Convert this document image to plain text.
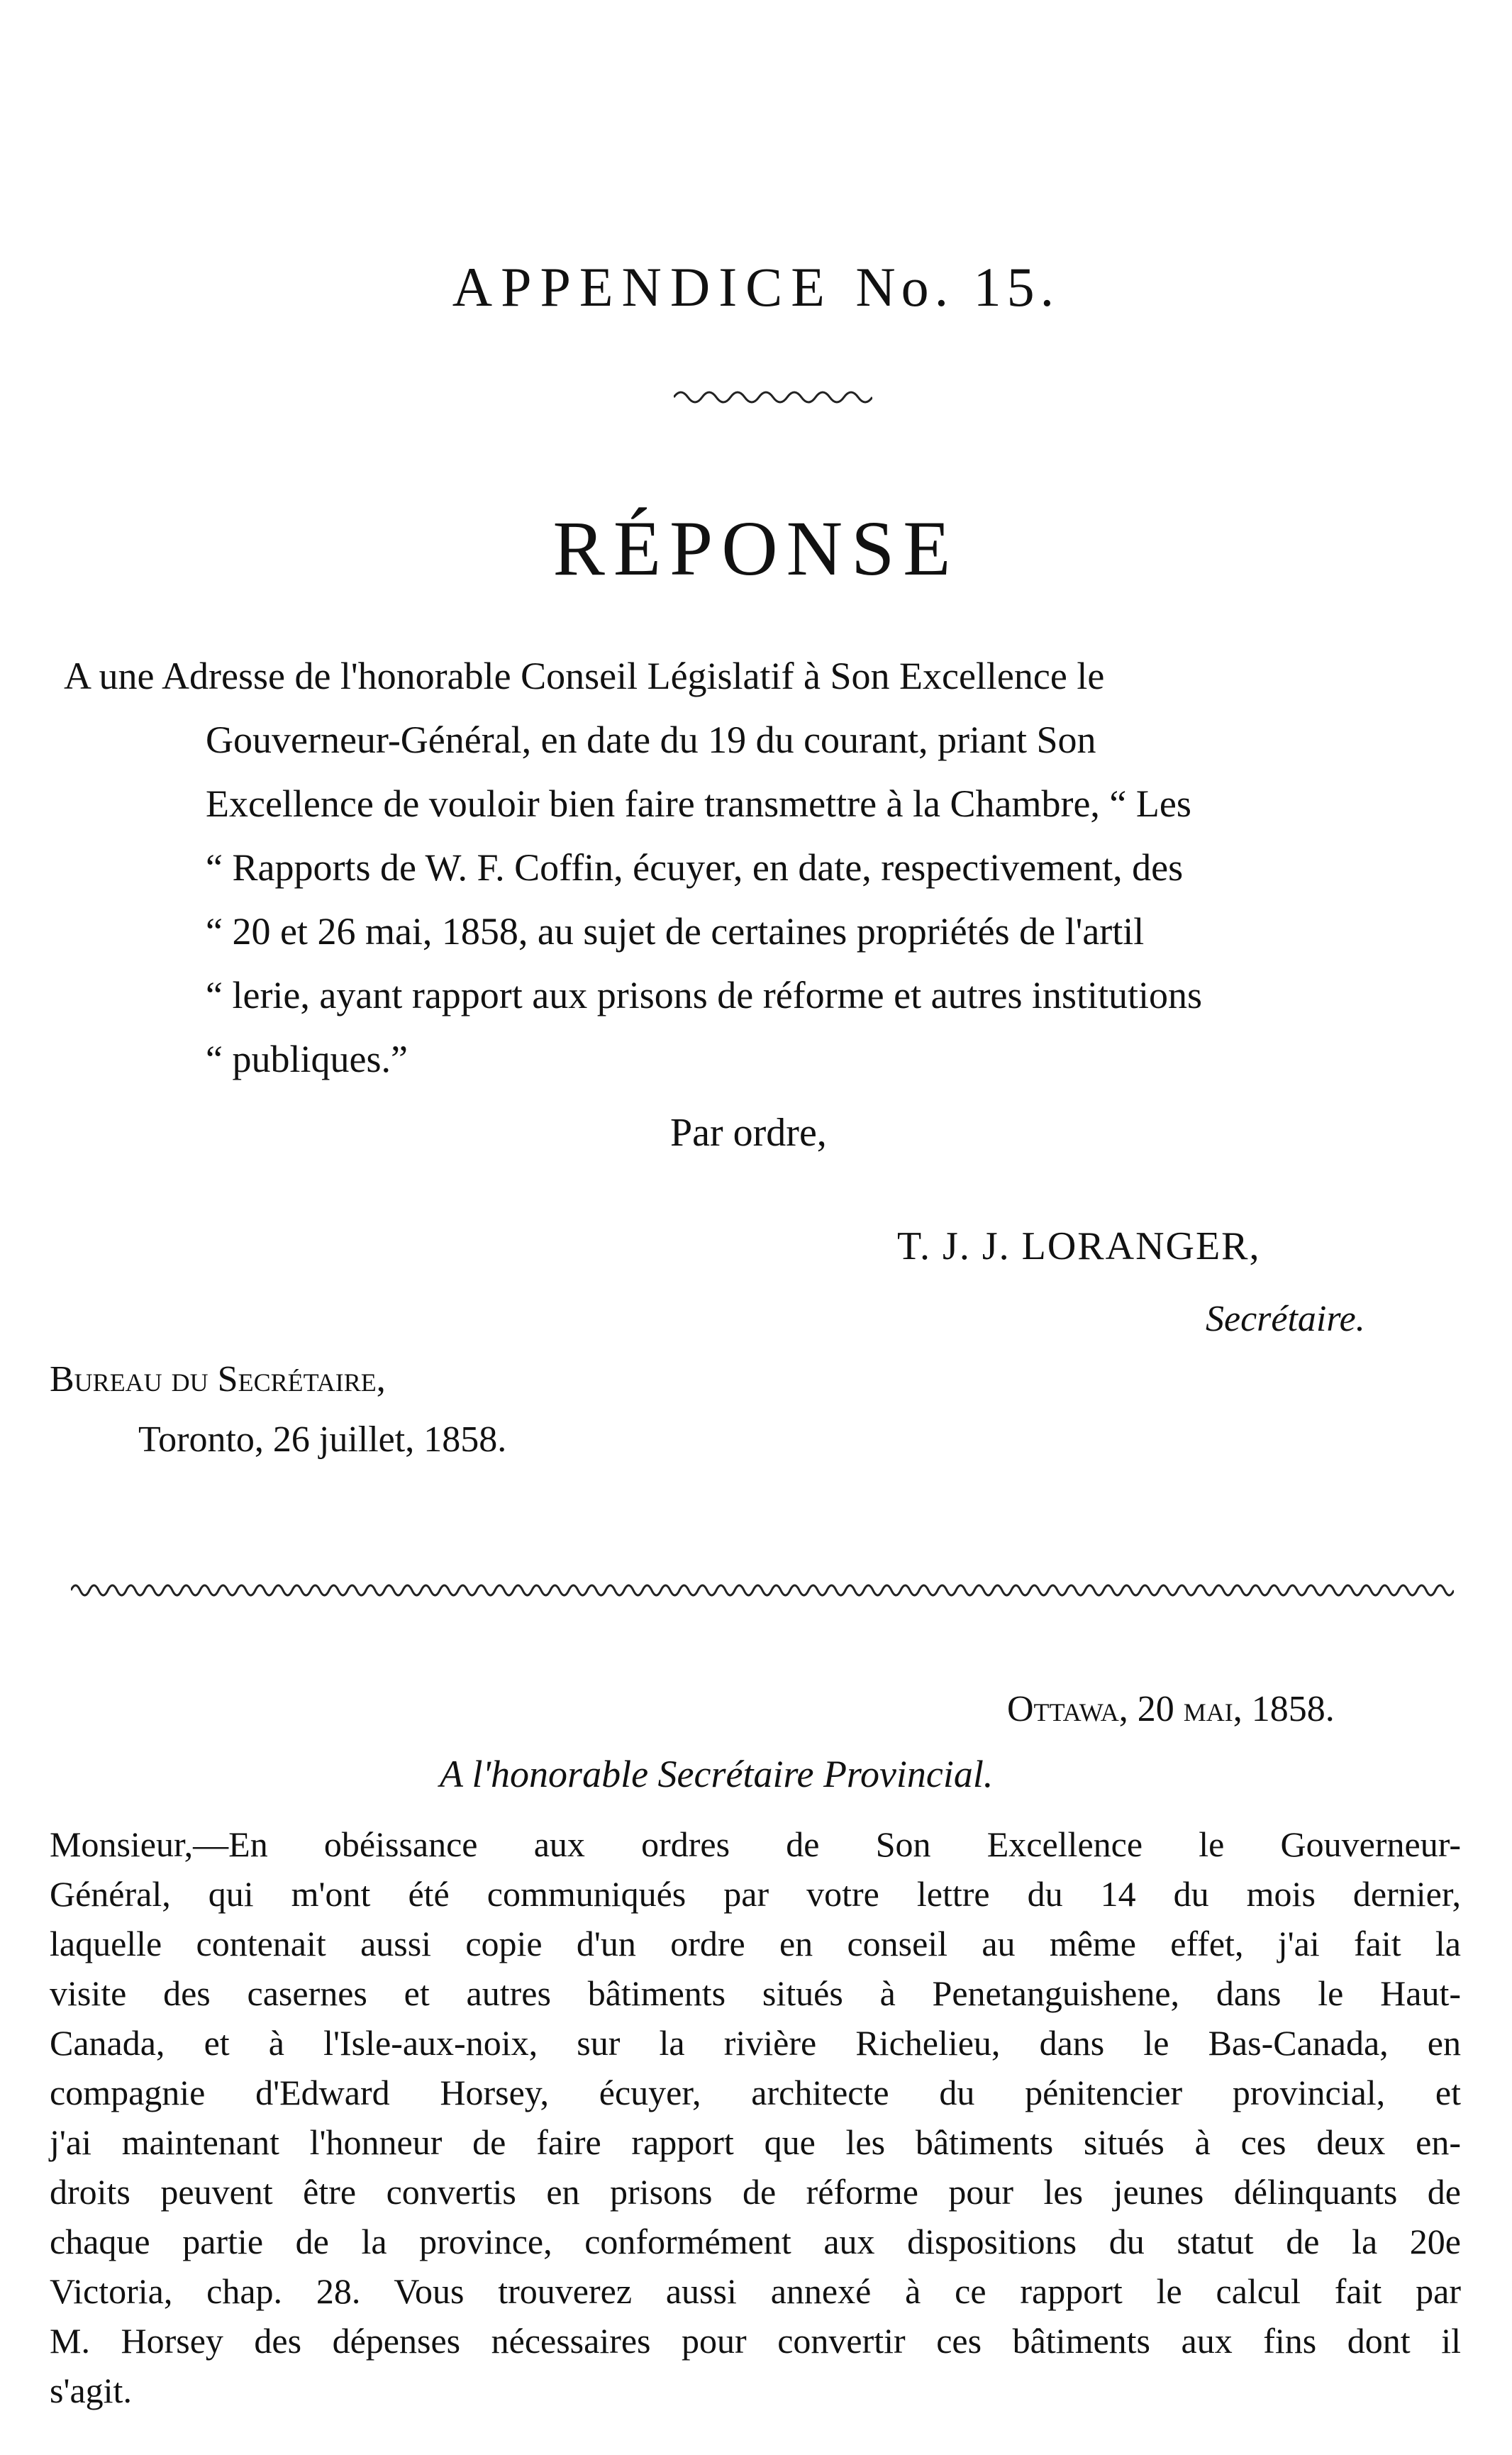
APPENDICE No. 15.
RÉPONSE
A une Adresse de l'honorable Conseil Législatif à Son Excellence le
Gouverneur-Général, en date du 19 du courant, priant Son
Excellence de vouloir bien faire transmettre à la Chambre, “ Les
“ Rapports de W. F. Coffin, écuyer, en date, respectivement, des
“ 20 et 26 mai, 1858, au sujet de certaines propriétés de l'artil
“ lerie, ayant rapport aux prisons de réforme et autres institutions
“ publiques.”
Par ordre,
T. J. J. LORANGER,
Secrétaire.
Bureau du Secrétaire,
Toronto, 26 juillet, 1858.
Ottawa, 20 mai, 1858.
A l'honorable Secrétaire Provincial.
Monsieur,—En obéissance aux ordres de Son Excellence le Gouverneur-
Général, qui m'ont été communiqués par votre lettre du 14 du mois dernier,
laquelle contenait aussi copie d'un ordre en conseil au même effet, j'ai fait la
visite des casernes et autres bâtiments situés à Penetanguishene, dans le Haut-
Canada, et à l'Isle-aux-noix, sur la rivière Richelieu, dans le Bas-Canada, en
compagnie d'Edward Horsey, écuyer, architecte du pénitencier provincial, et
j'ai maintenant l'honneur de faire rapport que les bâtiments situés à ces deux en-
droits peuvent être convertis en prisons de réforme pour les jeunes délinquants de
chaque partie de la province, conformément aux dispositions du statut de la 20e
Victoria, chap. 28. Vous trouverez aussi annexé à ce rapport le calcul fait par
M. Horsey des dépenses nécessaires pour convertir ces bâtiments aux fins dont il
s'agit.
